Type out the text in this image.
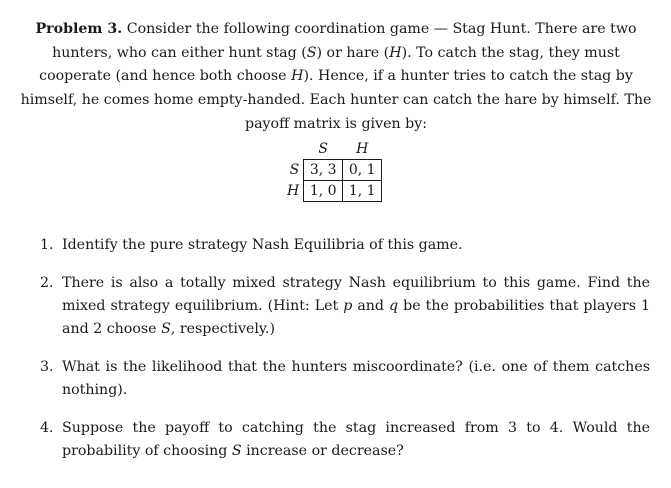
Problem 3. Consider the following coordination game — Stag Hunt. There are two hunters, who can either hunt stag (S) or hare (H). To catch the stag, they must cooperate (and hence both choose H). Hence, if a hunter tries to catch the stag by himself, he comes home empty-handed. Each hunter can catch the hare by himself. The payoff matrix is given by:

	S	H
S	3, 3	0, 1
H	1, 0	1, 1
1. Identify the pure strategy Nash Equilibria of this game.
2. There is also a totally mixed strategy Nash equilibrium to this game. Find the mixed strategy equilibrium. (Hint: Let p and q be the probabilities that players 1 and 2 choose S, respectively.)
3. What is the likelihood that the hunters miscoordinate? (i.e. one of them catches nothing).
4. Suppose the payoff to catching the stag increased from 3 to 4. Would the probability of choosing S increase or decrease?
